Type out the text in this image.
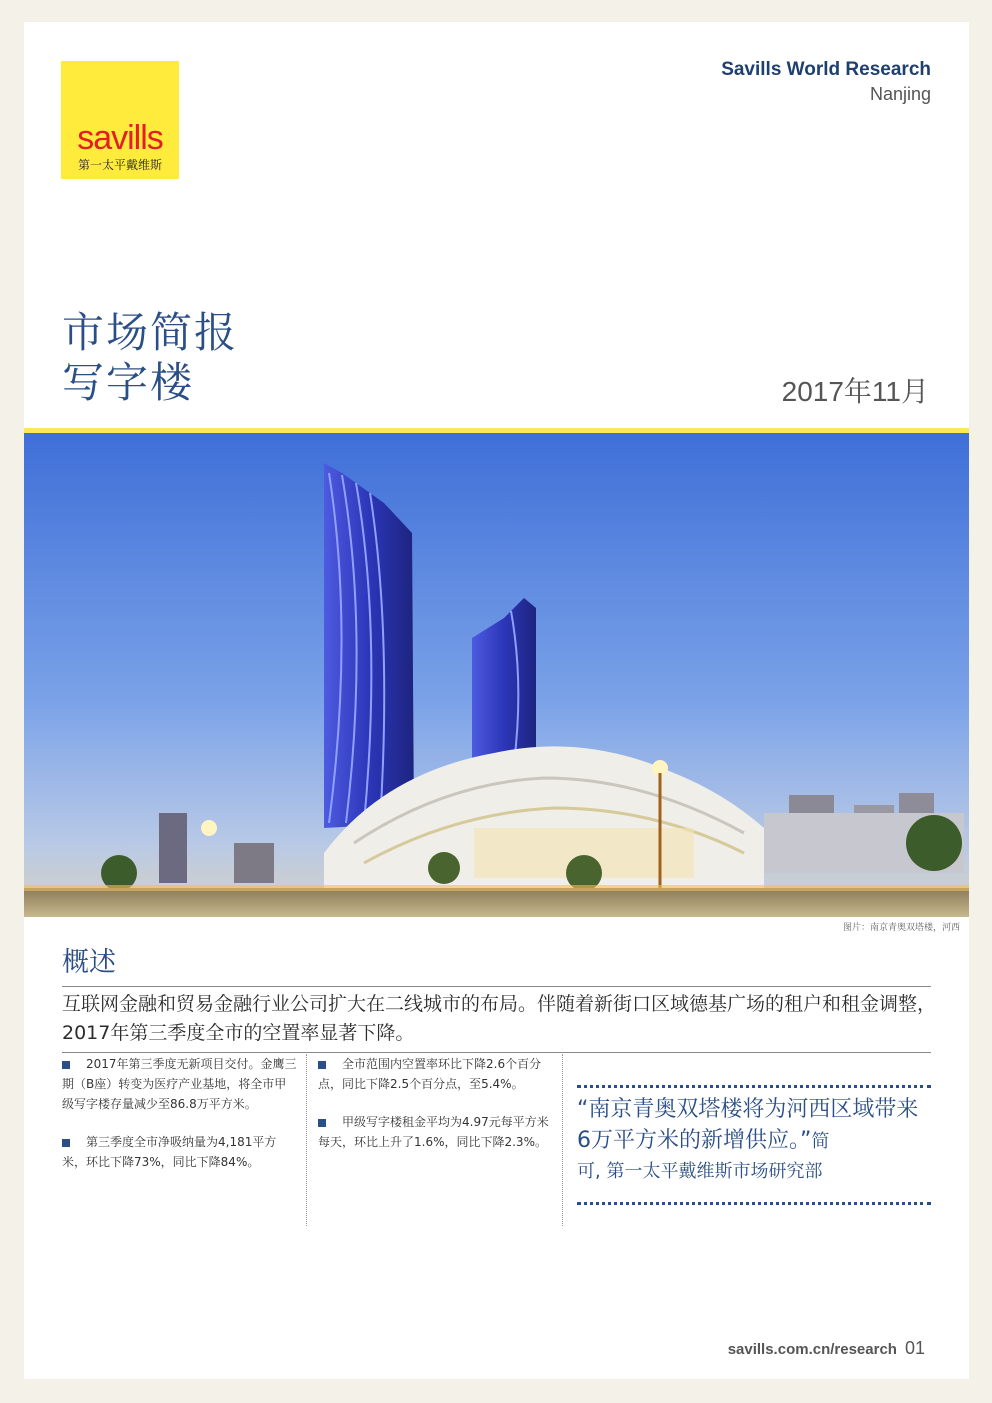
savills
第一太平戴维斯
Savills World Research
Nanjing
市场简报
写字楼	2017年11月
图片：南京青奥双塔楼，河西
概述
互联网金融和贸易金融行业公司扩大在二线城市的布局。伴随着新街口区域德基广场的租户和租金调整，2017年第三季度全市的空置率显著下降。

2017年第三季度无新项目交付。金鹰三期（B座）转变为医疗产业基地，将全市甲级写字楼存量减少至86.8万平方米。

第三季度全市净吸纳量为4,181平方米，环比下降73%，同比下降84%。

全市范围内空置率环比下降2.6个百分点，同比下降2.5个百分点，至5.4%。

甲级写字楼租金平均为4.97元每平方米每天，环比上升了1.6%，同比下降2.3%。

“南京青奥双塔楼将为河西区域带来6万平方米的新增供应。”简
可, 第一太平戴维斯市场研究部
savills.com.cn/research 01
